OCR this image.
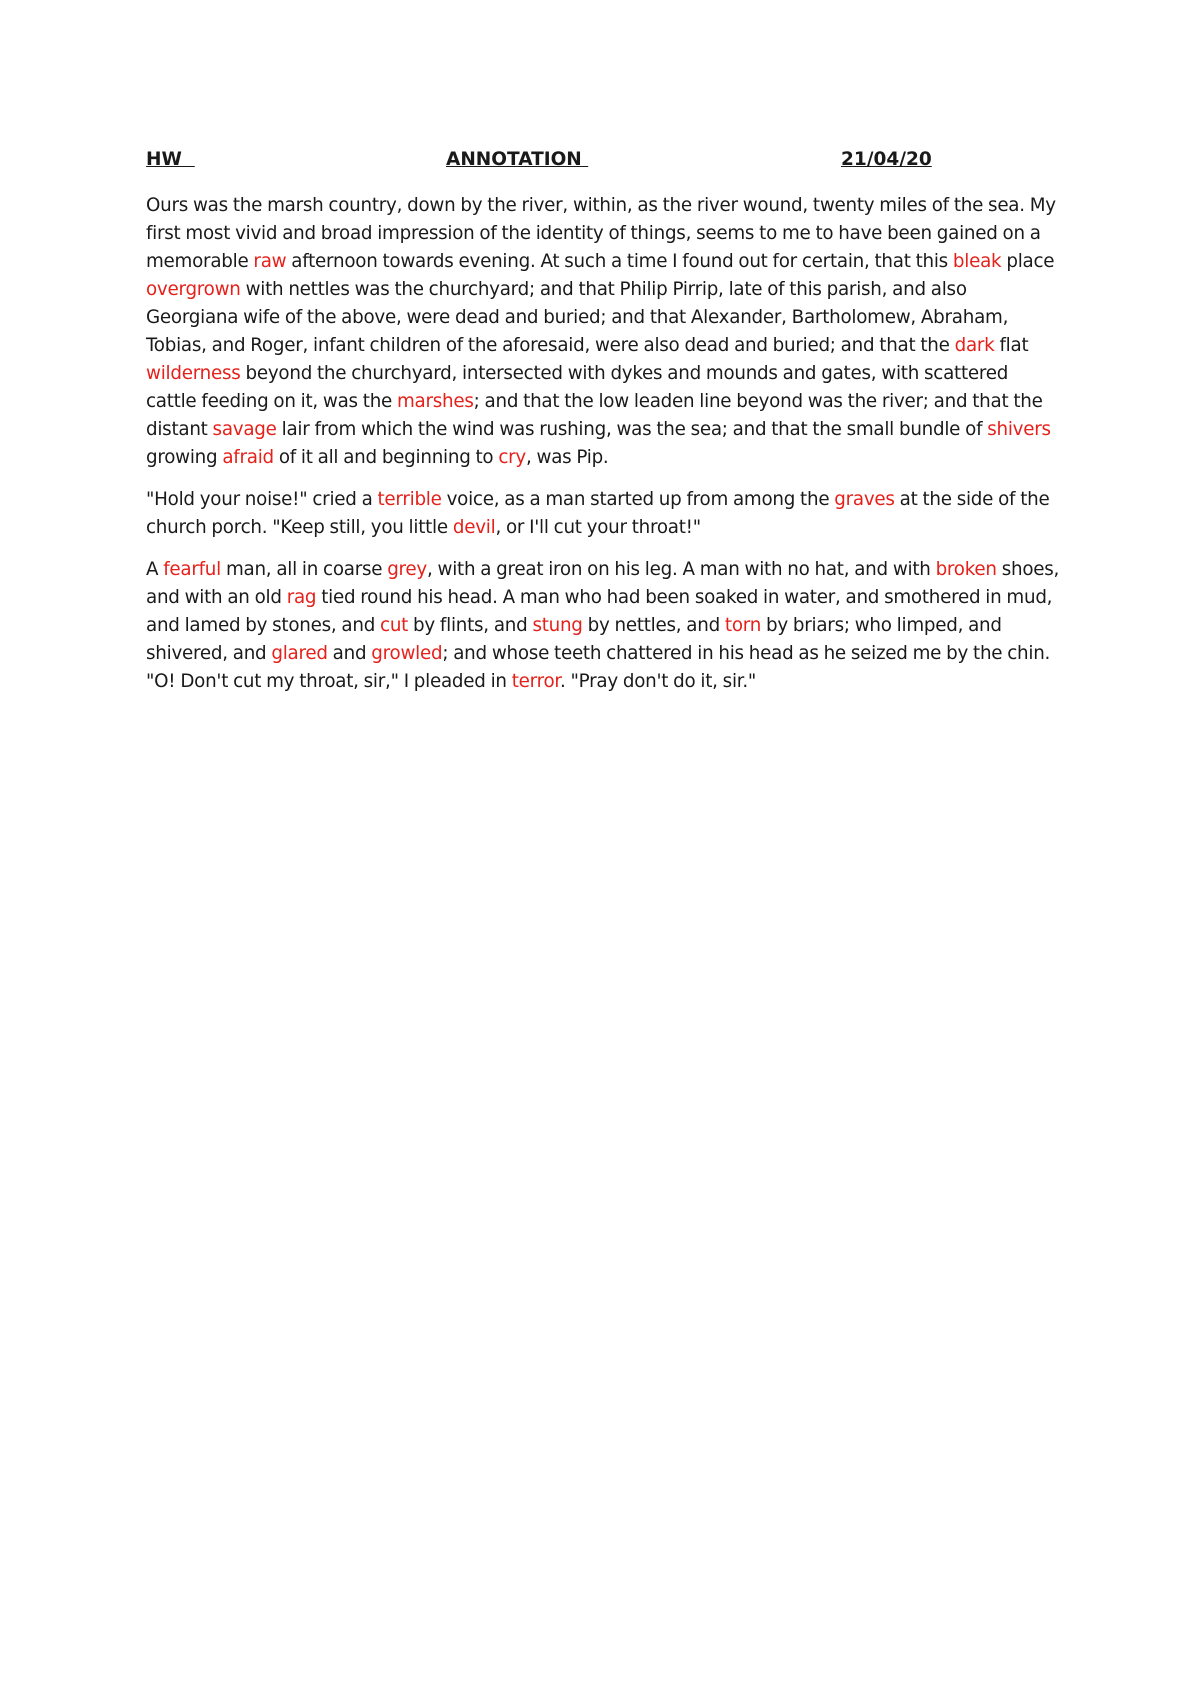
HW	ANNOTATION	21/04/20

Ours was the marsh country, down by the river, within, as the river wound, twenty miles of the sea. My first most vivid and broad impression of the identity of things, seems to me to have been gained on a memorable raw afternoon towards evening. At such a time I found out for certain, that this bleak place overgrown with nettles was the churchyard; and that Philip Pirrip, late of this parish, and also Georgiana wife of the above, were dead and buried; and that Alexander, Bartholomew, Abraham, Tobias, and Roger, infant children of the aforesaid, were also dead and buried; and that the dark flat wilderness beyond the churchyard, intersected with dykes and mounds and gates, with scattered cattle feeding on it, was the marshes; and that the low leaden line beyond was the river; and that the distant savage lair from which the wind was rushing, was the sea; and that the small bundle of shivers growing afraid of it all and beginning to cry, was Pip.

"Hold your noise!" cried a terrible voice, as a man started up from among the graves at the side of the church porch. "Keep still, you little devil, or I'll cut your throat!"

A fearful man, all in coarse grey, with a great iron on his leg. A man with no hat, and with broken shoes, and with an old rag tied round his head. A man who had been soaked in water, and smothered in mud, and lamed by stones, and cut by flints, and stung by nettles, and torn by briars; who limped, and shivered, and glared and growled; and whose teeth chattered in his head as he seized me by the chin. "O! Don't cut my throat, sir," I pleaded in terror. "Pray don't do it, sir."
